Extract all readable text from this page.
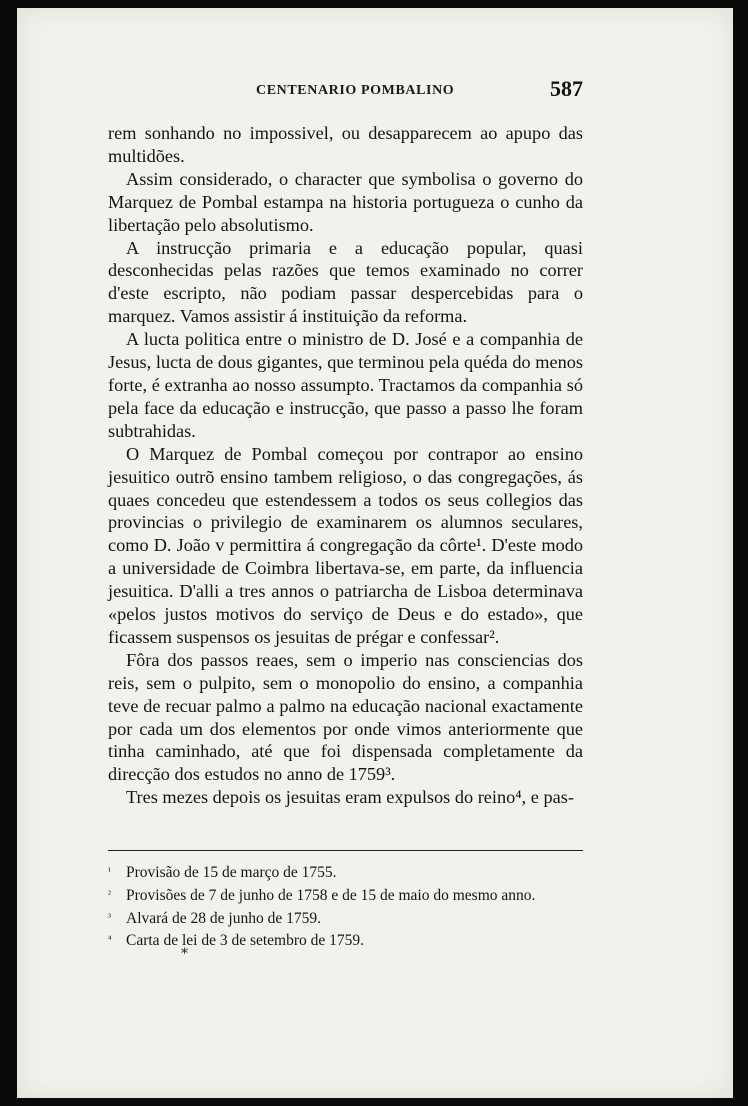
CENTENARIO POMBALINO	587

rem sonhando no impossivel, ou desapparecem ao apupo das multidões.

Assim considerado, o character que symbolisa o governo do Marquez de Pombal estampa na historia portugueza o cunho da libertação pelo absolutismo.

A instrucção primaria e a educação popular, quasi desconhecidas pelas razões que temos examinado no correr d'este escripto, não podiam passar despercebidas para o marquez. Vamos assistir á instituição da reforma.

A lucta politica entre o ministro de D. José e a companhia de Jesus, lucta de dous gigantes, que terminou pela quéda do menos forte, é extranha ao nosso assumpto. Tractamos da companhia só pela face da educação e instrucção, que passo a passo lhe foram subtrahidas.

O Marquez de Pombal começou por contrapor ao ensino jesuitico outrõ ensino tambem religioso, o das congregações, ás quaes concedeu que estendessem a todos os seus collegios das provincias o privilegio de examinarem os alumnos seculares, como D. João v permittira á congregação da côrte¹. D'este modo a universidade de Coimbra libertava-se, em parte, da influencia jesuitica. D'alli a tres annos o patriarcha de Lisboa determinava «pelos justos motivos do serviço de Deus e do estado», que ficassem suspensos os jesuitas de prégar e confessar².

Fôra dos passos reaes, sem o imperio nas consciencias dos reis, sem o pulpito, sem o monopolio do ensino, a companhia teve de recuar palmo a palmo na educação nacional exactamente por cada um dos elementos por onde vimos anteriormente que tinha caminhado, até que foi dispensada completamente da direcção dos estudos no anno de 1759³.

Tres mezes depois os jesuitas eram expulsos do reino⁴, e pas-

¹ Provisão de 15 de março de 1755.
² Provisões de 7 de junho de 1758 e de 15 de maio do mesmo anno.
³ Alvará de 28 de junho de 1759.
⁴ Carta de lei de 3 de setembro de 1759.
*
